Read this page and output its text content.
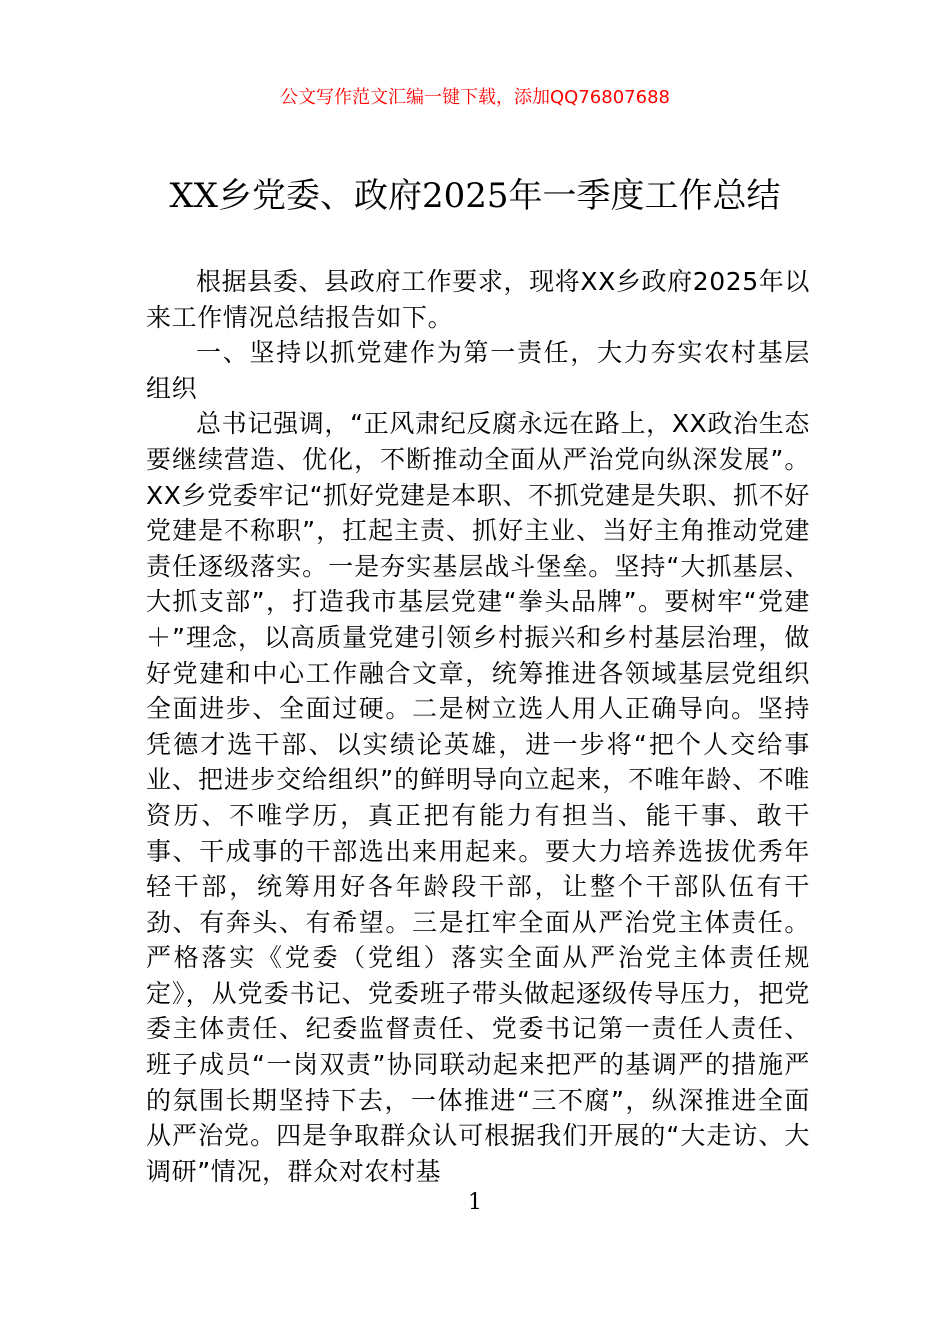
公文写作范文汇编一键下载，添加QQ76807688
XX乡党委、政府2025年一季度工作总结

根据县委、县政府工作要求，现将XX乡政府2025年以来工作情况总结报告如下。

一、坚持以抓党建作为第一责任，大力夯实农村基层组织

总书记强调，“正风肃纪反腐永远在路上，XX政治生态要继续营造、优化，不断推动全面从严治党向纵深发展”。XX乡党委牢记“抓好党建是本职、不抓党建是失职、抓不好党建是不称职”，扛起主责、抓好主业、当好主角推动党建责任逐级落实。一是夯实基层战斗堡垒。坚持“大抓基层、大抓支部”，打造我市基层党建“拳头品牌”。要树牢“党建＋”理念，以高质量党建引领乡村振兴和乡村基层治理，做好党建和中心工作融合文章，统筹推进各领域基层党组织全面进步、全面过硬。二是树立选人用人正确导向。坚持凭德才选干部、以实绩论英雄，进一步将“把个人交给事业、把进步交给组织”的鲜明导向立起来，不唯年龄、不唯资历、不唯学历，真正把有能力有担当、能干事、敢干事、干成事的干部选出来用起来。要大力培养选拔优秀年轻干部，统筹用好各年龄段干部，让整个干部队伍有干劲、有奔头、有希望。三是扛牢全面从严治党主体责任。严格落实《党委（党组）落实全面从严治党主体责任规定》，从党委书记、党委班子带头做起逐级传导压力，把党委主体责任、纪委监督责任、党委书记第一责任人责任、班子成员“一岗双责”协同联动起来把严的基调严的措施严的氛围长期坚持下去，一体推进“三不腐”，纵深推进全面从严治党。四是争取群众认可根据我们开展的“大走访、大调研”情况，群众对农村基

1
